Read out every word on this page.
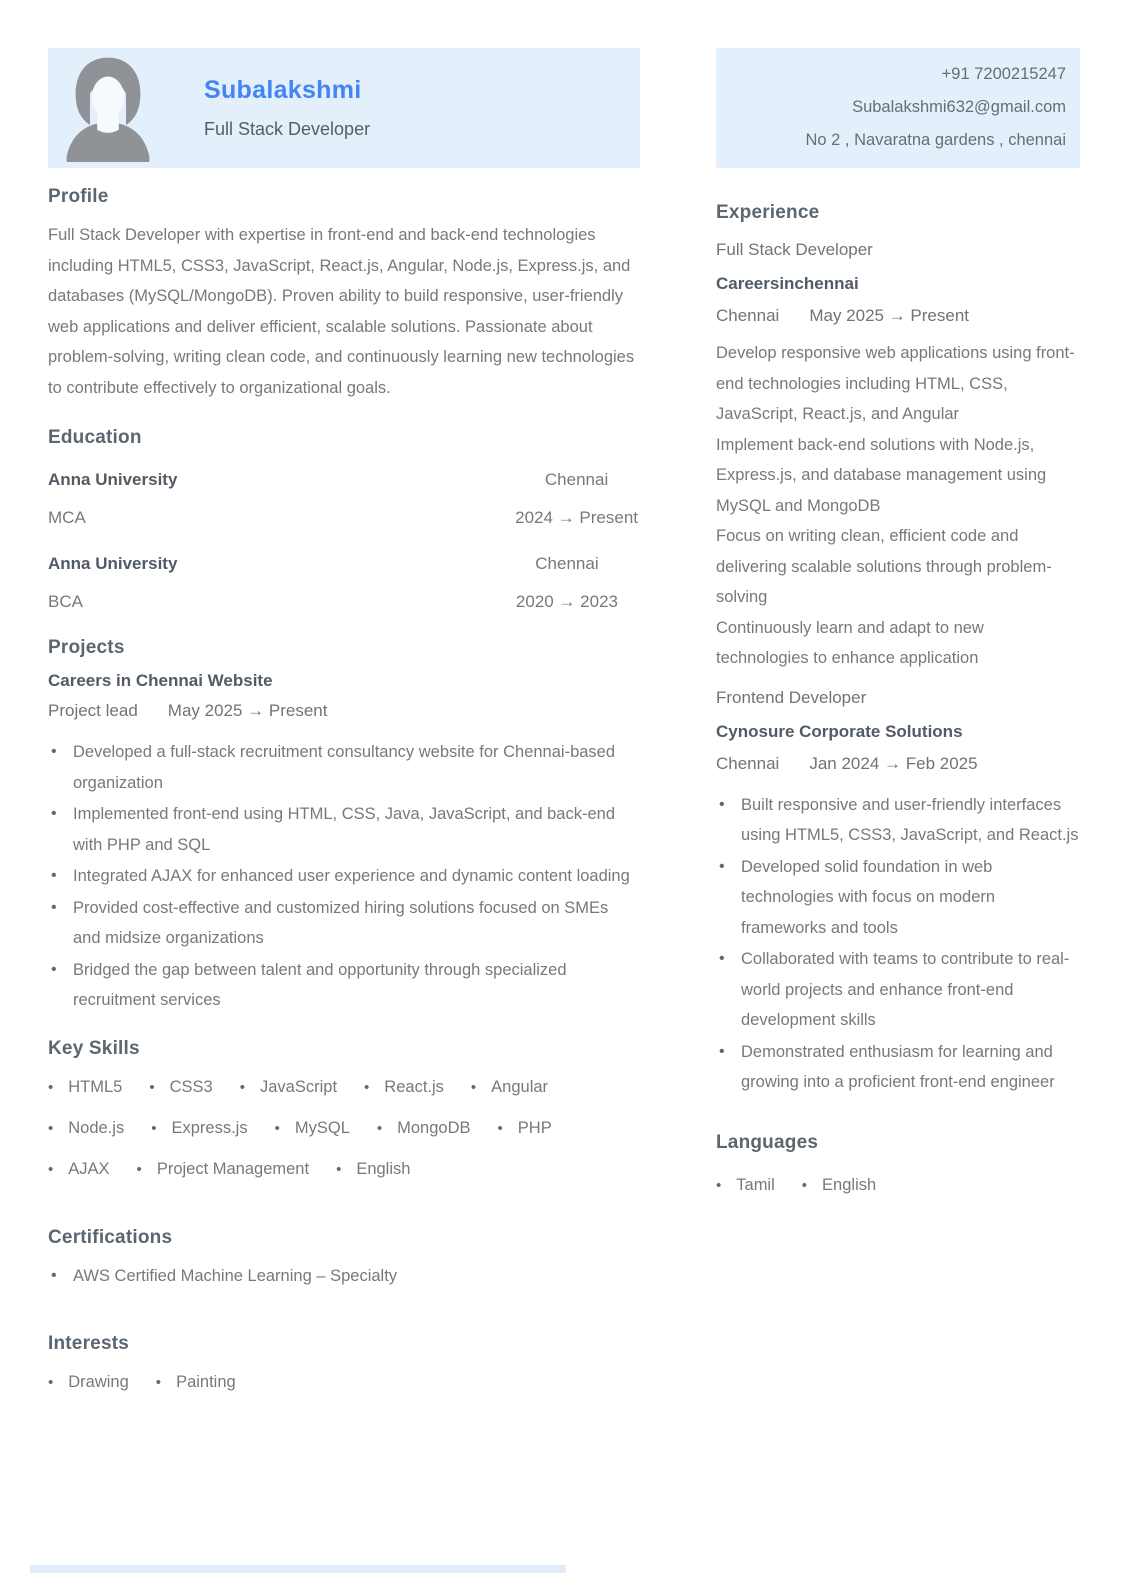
Subalakshmi
Full Stack Developer
Profile

Full Stack Developer with expertise in front-end and back-end technologies including HTML5, CSS3, JavaScript, React.js, Angular, Node.js, Express.js, and databases (MySQL/MongoDB). Proven ability to build responsive, user-friendly web applications and deliver efficient, scalable solutions. Passionate about problem-solving, writing clean code, and continuously learning new technologies to contribute effectively to organizational goals.

Education
Anna University
MCA
Chennai
2024 → Present
Anna University
BCA
Chennai
2020 → 2023
Projects
Careers in Chennai Website
Project lead May 2025 → Present
• Developed a full-stack recruitment consultancy website for Chennai-based organization
• Implemented front-end using HTML, CSS, Java, JavaScript, and back-end with PHP and SQL
• Integrated AJAX for enhanced user experience and dynamic content loading
• Provided cost-effective and customized hiring solutions focused on SMEs and midsize organizations
• Bridged the gap between talent and opportunity through specialized recruitment services
Key Skills
• HTML5 • CSS3 • JavaScript • React.js • Angular
• Node.js • Express.js • MySQL • MongoDB • PHP
• AJAX • Project Management • English
Certifications
• AWS Certified Machine Learning – Specialty
Interests
• Drawing • Painting
+91 7200215247
Subalakshmi632@gmail.com
No 2 , Navaratna gardens , chennai
Experience
Full Stack Developer
Careersinchennai
Chennai May 2025 → Present
Develop responsive web applications using front-end technologies including HTML, CSS, JavaScript, React.js, and Angular
Implement back-end solutions with Node.js, Express.js, and database management using MySQL and MongoDB
Focus on writing clean, efficient code and delivering scalable solutions through problem-solving
Continuously learn and adapt to new technologies to enhance application
Frontend Developer
Cynosure Corporate Solutions
Chennai Jan 2024 → Feb 2025
• Built responsive and user-friendly interfaces using HTML5, CSS3, JavaScript, and React.js
• Developed solid foundation in web technologies with focus on modern frameworks and tools
• Collaborated with teams to contribute to real-world projects and enhance front-end development skills
• Demonstrated enthusiasm for learning and growing into a proficient front-end engineer
Languages
• Tamil • English
